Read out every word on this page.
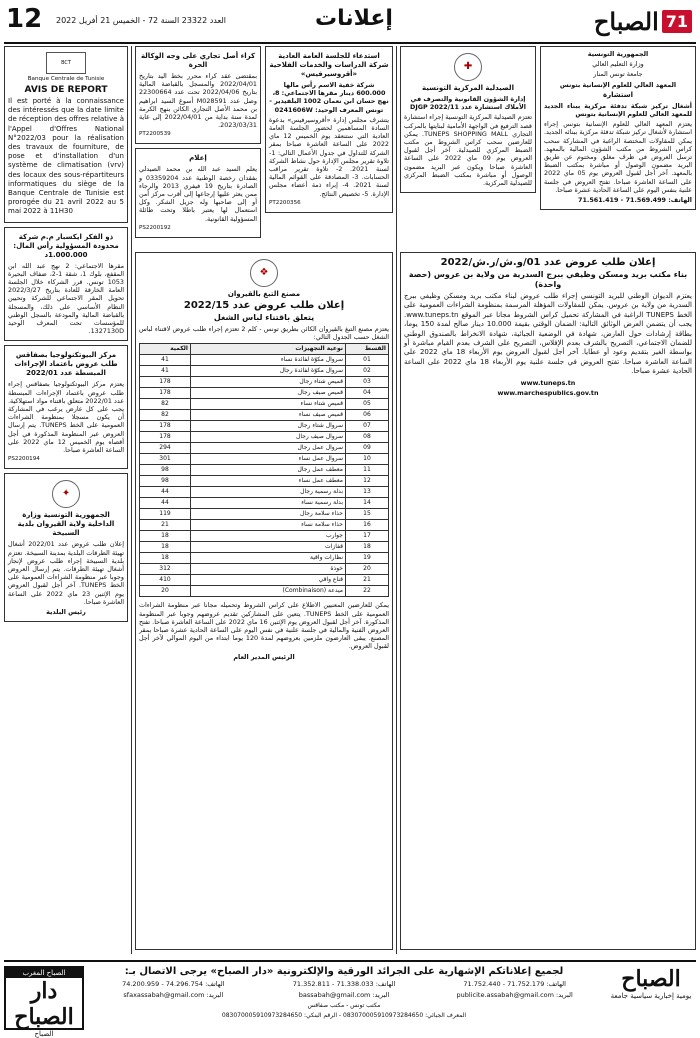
12 العدد 23322 السنة 72 - الخميس 21 أفريل 2022	إعلانات	الصباح 71
BCT
Banque Centrale de Tunisie
AVIS DE REPORT

Il est porté à la connaissance des intéressés que la date limite de réception des offres relative à l'Appel d'Offres National N°2022/03 pour la réalisation des travaux de fourniture, de pose et d'installation d'un système de climatisation (vrv) des locaux des sous-répartiteurs informatiques du siège de la Banque Centrale de Tunisie est prorogée du 21 avril 2022 au 5 mai 2022 à 11H30

ذو الفكر ايكسبار م.م شركة محدودة المسؤولية رأس المال: 1.000.000د

مقرها الاجتماعي: 2 نهج عبد الله ابن المقفع، بلوك 1، شقة 1-2، ضفاف البحيرة 1053 تونس. قرر الشركاء خلال الجلسة العامة الخارقة للعادة بتاريخ 2022/3/27 تحويل المقر الاجتماعي للشركة وتحيين النظام الأساسي على ذلك، والمسجلة بالقباضة المالية والمودعة بالسجل الوطني للمؤسسات تحت المعرف الوحيد 1327130D.

مركز البيوتكنولوجيا بصفاقس طلب عروض باعتماد الإجراءات المبسطة عدد 2022/01

يعتزم مركز البيوتكنولوجيا بصفاقس إجراء طلب عروض باعتماد الإجراءات المبسطة عدد 2022/01 متعلق باقتناء مواد استهلاكية. يجب على كل عارض يرغب في المشاركة أن يكون مسجلا بمنظومة الشراءات العمومية على الخط TUNEPS. يتم إرسال العروض عبر المنظومة المذكورة في أجل أقصاه يوم الخميس 12 ماي 2022 على الساعة العاشرة صباحا.

PS2200194

✦
الجمهورية التونسية وزارة الداخلية ولاية القيروان بلدية السبيخة

إعلان طلب عروض عدد 2022/01 أشغال تهيئة الطرقات البلدية بمدينة السبيخة. تعتزم بلدية السبيخة إجراء طلب عروض لإنجاز أشغال تهيئة الطرقات. يتم إرسال العروض وجوبا عبر منظومة الشراءات العمومية على الخط TUNEPS. آخر أجل لقبول العروض يوم الإثنين 23 ماي 2022 على الساعة العاشرة صباحا.

رئيس البلدية

كراء أصل تجاري على وجه الوكالة الحرة

بمقتضى عقد كراء محرر بخط اليد بتاريخ 2022/04/01 والمسجل بالقباضة المالية بتاريخ 2022/04/06 تحت عدد 22300664 وصل عدد M028591 أسوغ السيد ابراهيم بن محمد الأصل التجاري الكائن بنهج الكرمة لمدة سنة بداية من 2022/04/01 إلى غاية 2023/03/31.

PT2200539

إعلام

يعلم السيد عبد الله بن محمد الصيدلي بفقدان رخصة الوطنية عدد 03359204 و الصادرة بتاريخ 19 فيفري 2013 والرجاء ممن يعثر عليها إرجاعها إلى أقرب مركز أمن أو إلى صاحبها وله جزيل الشكر. وكل استعمال لها يعتبر باطلا وتحت طائلة المسؤولية القانونية.

PS2200192

استدعاء للجلسة العامة العادية شركة الدراسات والخدمات الفلاحية «أقروسيرفيس»

شركة خفية الاسم رأس مالها 600.000 دينار مقرها الاجتماعي: 8، نهج حسان ابن نعمان 1002 البلفيدير - تونس المعرف الوحيد: 0241606W

يتشرف مجلس إدارة «أقروسيرفيس» بدعوة السادة المساهمين لحضور الجلسة العامة العادية التي ستنعقد يوم الخميس 12 ماي 2022 على الساعة العاشرة صباحا بمقر الشركة للتداول في جدول الأعمال التالي: 1- تلاوة تقرير مجلس الإدارة حول نشاط الشركة لسنة 2021. 2- تلاوة تقرير مراقب الحسابات. 3- المصادقة على القوائم المالية لسنة 2021. 4- إبراء ذمة أعضاء مجلس الإدارة. 5- تخصيص النتائج.

PT2200356

❖
مصنع التبغ بالقيروان
إعلان طلب عروض عدد 2022/15
يتعلق باقتناء لباس الشغل

يعتزم مصنع التبغ بالقيروان الكائن بطريق تونس - كلم 2 تعتزم إجراء طلب عروض لاقتناء لباس الشغل حسب الجدول التالي:

القسط	نوعية التجهيزات	الكمية
01	سروال مكوّة لفائدة نساء	41
02	سروال مكوّة لفائدة رجال	41
03	قميص شتاء رجال	178
04	قميص صيف رجال	178
05	قميص شتاء نساء	82
06	قميص صيف نساء	82
07	سروال شتاء رجال	178
08	سروال صيف رجال	178
09	سروال عمل رجال	294
10	سروال عمل نساء	301
11	معطف عمل رجال	98
12	معطف عمل نساء	98
13	بدلة رسمية رجال	44
14	بدلة رسمية نساء	44
15	حذاء سلامة رجال	119
16	حذاء سلامة نساء	21
17	جوارب	18
18	قفازات	18
19	نظارات واقية	18
20	خوذة	312
21	قناع واقي	410
22	ميدعة (Combinaison)	20

يمكن للعارضين المعنيين الاطلاع على كراس الشروط وتحميله مجانا عبر منظومة الشراءات العمومية على الخط TUNEPS. يتعين على المشاركين تقديم عروضهم وجوبا عبر المنظومة المذكورة. آخر أجل لقبول العروض يوم الإثنين 16 ماي 2022 على الساعة العاشرة صباحا. تفتح العروض الفنية والمالية في جلسة علنية في نفس اليوم على الساعة الحادية عشرة صباحا بمقر المصنع. يبقى العارضون ملزمين بعروضهم لمدة 120 يوما ابتداء من اليوم الموالي لآخر أجل لقبول العروض.

الرئيس المدير العام

✚
الصيدلية المركزية التونسية

إدارة الشؤون القانونية والتصرف في الأملاك استشارة عدد 2022/11 DJGP

تعتزم الصيدلية المركزية التونسية إجراء استشارة قصد الترفيع في الواجهة الأمامية لبنايتها بالمركب التجاري TUNEPS SHOPPING MALL. يمكن للعارضين سحب كراس الشروط من مكتب الضبط المركزي للصيدلية. آخر أجل لقبول العروض يوم 09 ماي 2022 على الساعة العاشرة صباحا ويكون عبر البريد مضمون الوصول أو مباشرة بمكتب الضبط المركزي للصيدلية المركزية.

الجمهورية التونسية

وزارة التعليم العالي

جامعة تونس المنار

المعهد العالي للعلوم الإنسانية بتونس

استشارة

أشغال تركيز شبكة تدفئة مركزية ببناء الجديد للمعهد العالي للعلوم الإنسانية بتونس

يعتزم المعهد العالي للعلوم الإنسانية بتونس إجراء استشارة لأشغال تركيز شبكة تدفئة مركزية ببنائه الجديد. يمكن للمقاولات المختصة الراغبة في المشاركة سحب كراس الشروط من مكتب الشؤون المالية بالمعهد. ترسل العروض في ظرف مغلق ومختوم عن طريق البريد مضمون الوصول أو مباشرة بمكتب الضبط بالمعهد. آخر أجل لقبول العروض يوم 05 ماي 2022 على الساعة العاشرة صباحا. تفتح العروض في جلسة علنية بنفس اليوم على الساعة الحادية عشرة صباحا.

الهاتف: 71.569.499 - 71.561.419

إعلان طلب عروض عدد 01/و.ش/ر.ش/2022
بناء مكتب بريد ومسكن وظيفي ببرج السدرية من ولاية بن عروس (حصة واحدة)

يعتزم الديوان الوطني للبريد التونسي إجراء طلب عروض لبناء مكتب بريد ومسكن وظيفي ببرج السدرية من ولاية بن عروس. يمكن للمقاولات المؤهلة المرسمة بمنظومة الشراءات العمومية على الخط TUNEPS الراغبة في المشاركة تحميل كراس الشروط مجانا عبر الموقع www.tuneps.tn. يجب أن يتضمن العرض الوثائق التالية: الضمان الوقتي بقيمة 10.000 دينار صالح لمدة 150 يوما، بطاقة إرشادات حول العارض، شهادة في الوضعية الجبائية، شهادة الانخراط بالصندوق الوطني للضمان الاجتماعي، التصريح بالشرف بعدم الإفلاس، التصريح على الشرف بعدم القيام مباشرة أو بواسطة الغير بتقديم وعود أو عطايا. آخر أجل لقبول العروض يوم الأربعاء 18 ماي 2022 على الساعة العاشرة صباحا. تفتح العروض في جلسة علنية يوم الأربعاء 18 ماي 2022 على الساعة الحادية عشرة صباحا.

www.tuneps.tn

www.marchespublics.gov.tn

الصباح المغرب
دار الصباح
الصباح
لجميع إعلاناتكم الإشهارية على الجرائد الورقية والإلكترونية «دار الصباح» يرجى الاتصال بـ:
الهاتف: 71.752.179 - 71.752.440
الهاتف: 71.338.033 - 71.352.811
الهاتف: 74.296.754 - 74.200.959
البريد: publicite.assabah@gmail.com
البريد: bassabah@gmail.com
البريد: sfaxassabah@gmail.com
مكتب تونس - مكتب صفاقس
المعرف الجبائي: 083070005910973284650 - الرقم البنكي: 083070005910973284650
الصباح
يومية إخبارية سياسية جامعة
